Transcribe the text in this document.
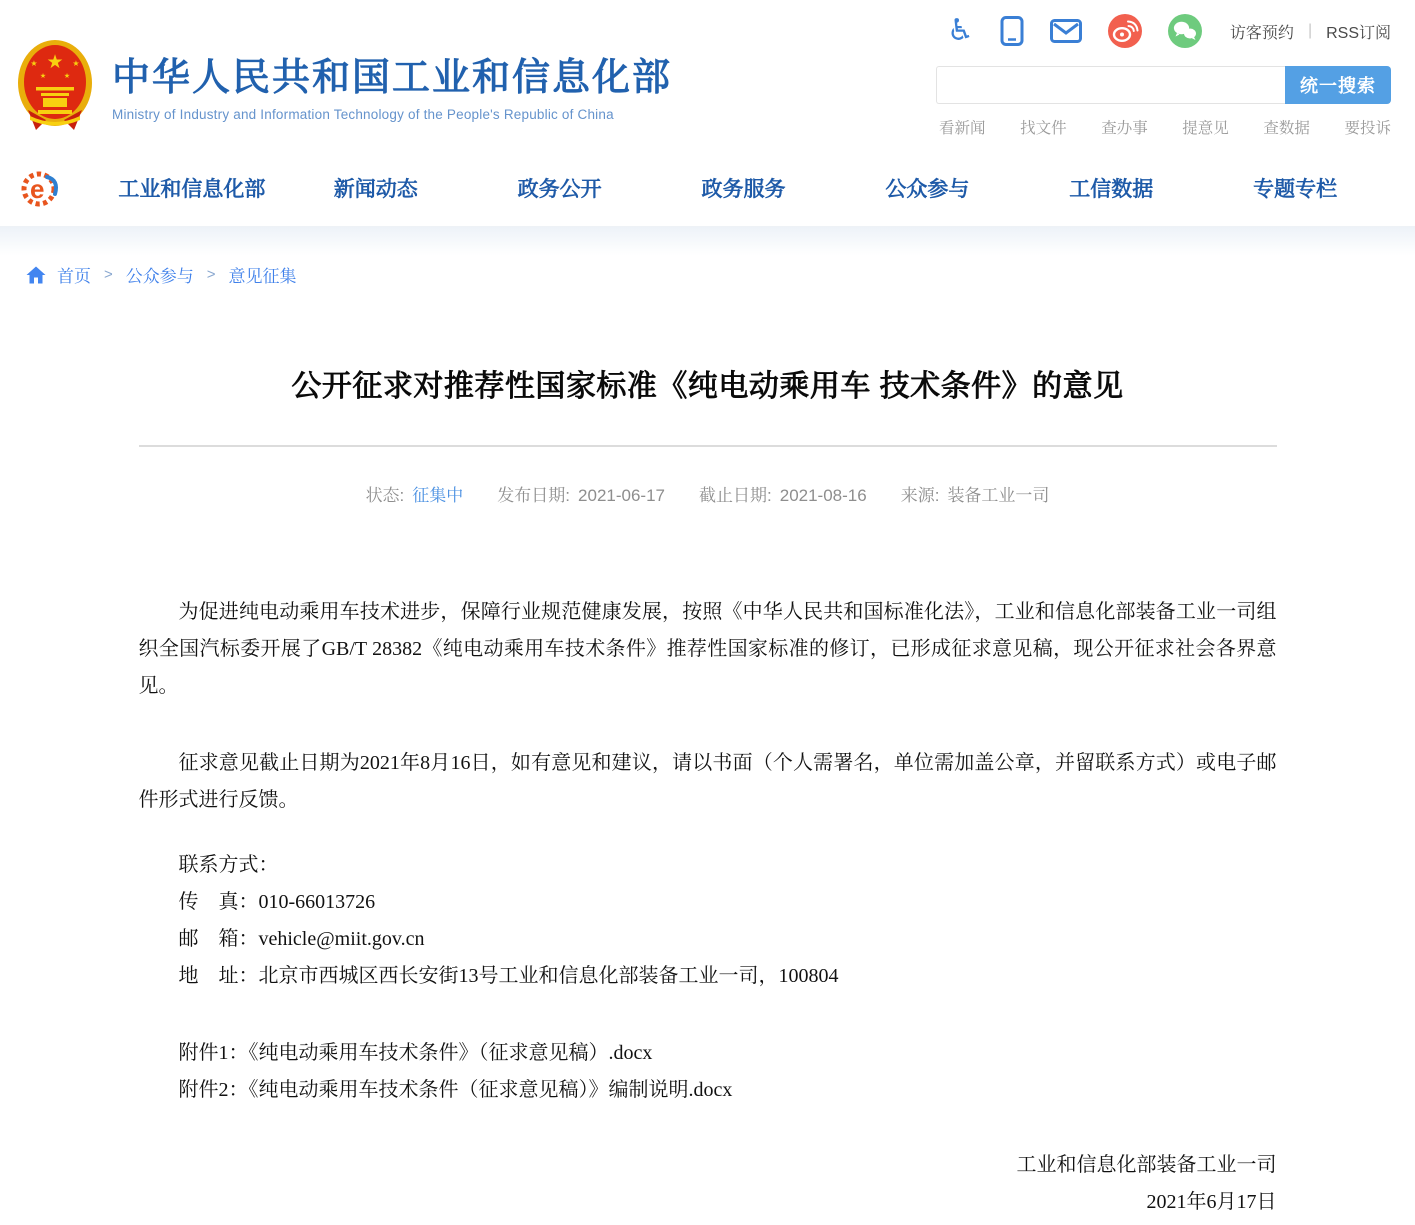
★
★	★
★	★ 中华人民共和国工业和信息化部
Ministry of Industry and Information Technology of the People's Republic of China
♿	访客预约 | RSS订阅
统一搜索
看新闻 找文件 查办事 提意见 查数据 要投诉
e	工业和信息化部	新闻动态	政务公开	政务服务	公众参与	工信数据	专题专栏
首页 > 公众参与 > 意见征集
公开征求对推荐性国家标准《纯电动乘用车 技术条件》的意见
状态: 征集中 发布日期: 2021-06-17 截止日期: 2021-08-16 来源: 装备工业一司

为促进纯电动乘用车技术进步，保障行业规范健康发展，按照《中华人民共和国标准化法》，工业和信息化部装备工业一司组织全国汽标委开展了GB/T 28382《纯电动乘用车技术条件》推荐性国家标准的修订，已形成征求意见稿，现公开征求社会各界意见。

征求意见截止日期为2021年8月16日，如有意见和建议，请以书面（个人需署名，单位需加盖公章，并留联系方式）或电子邮件形式进行反馈。

联系方式：
传　真：010-66013726
邮　箱：vehicle@miit.gov.cn
地　址：北京市西城区西长安街13号工业和信息化部装备工业一司，100804
附件1：《纯电动乘用车技术条件》（征求意见稿）.docx
附件2：《纯电动乘用车技术条件（征求意见稿）》编制说明.docx
工业和信息化部装备工业一司
2021年6月17日
